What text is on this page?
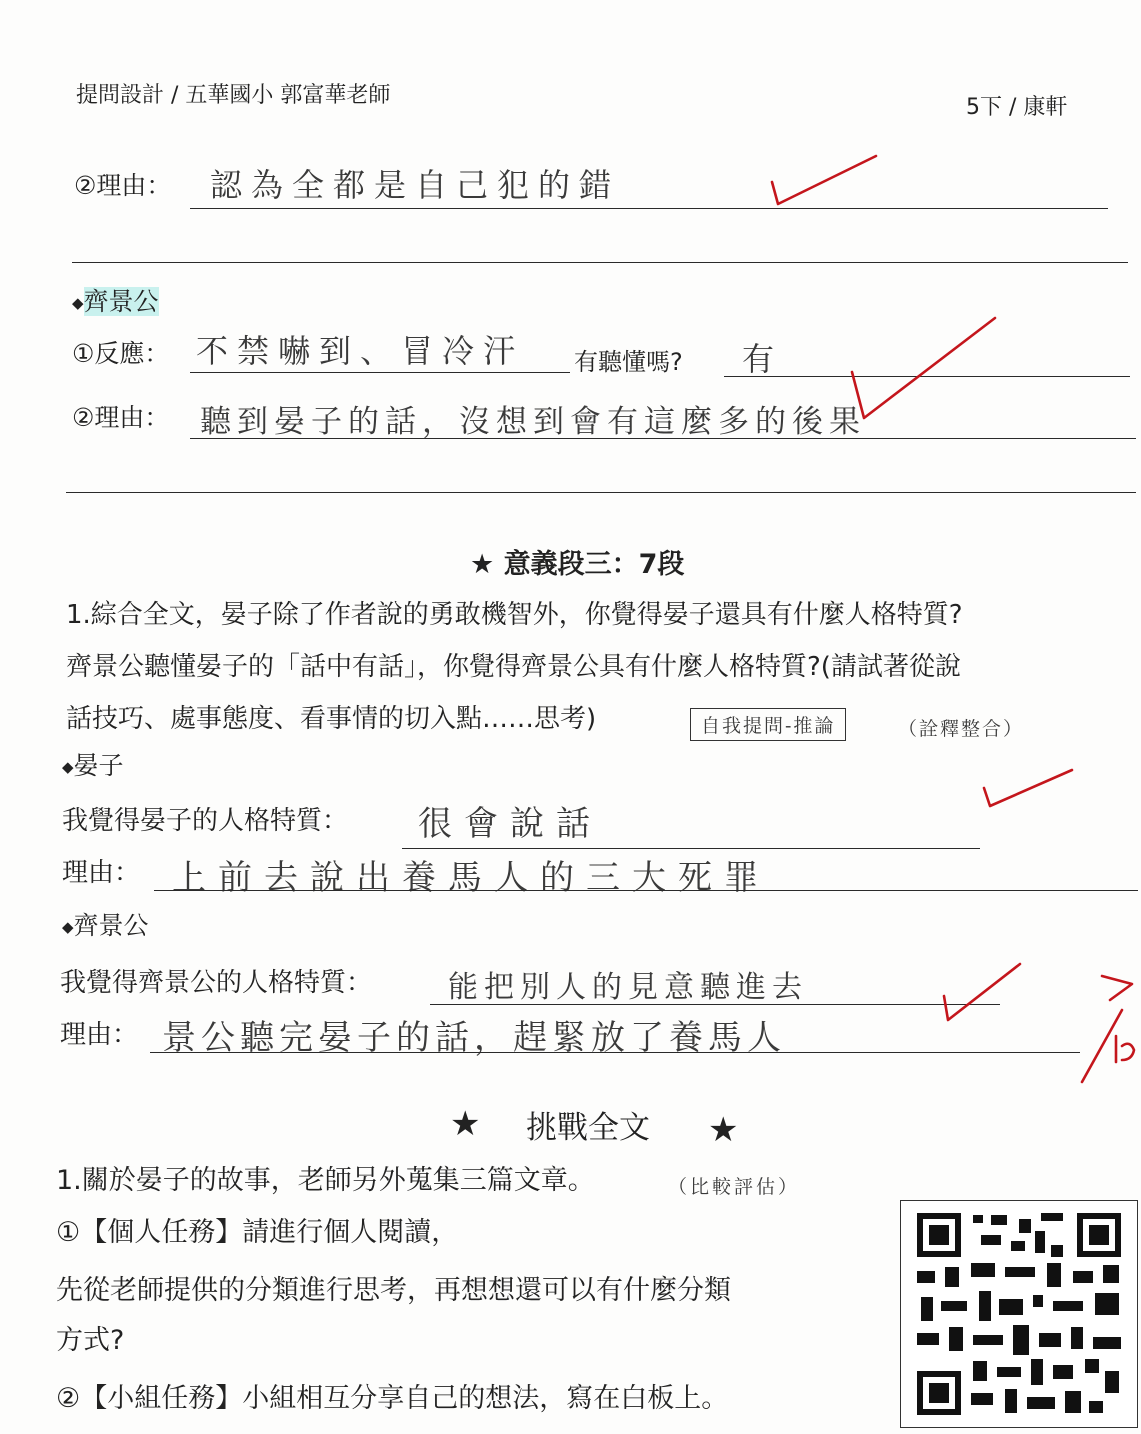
提問設計 / 五華國小 郭富華老師	5下 / 康軒
②理由： 認為全都是自己犯的錯
◆齊景公
①反應： 不禁嚇到、冒冷汗 有聽懂嗎? 有
②理由： 聽到晏子的話，沒想到會有這麼多的後果
★ 意義段三：7段
1.綜合全文，晏子除了作者說的勇敢機智外，你覺得晏子還具有什麼人格特質?
齊景公聽懂晏子的「話中有話」，你覺得齊景公具有什麼人格特質?(請試著從說
話技巧、處事態度、看事情的切入點……思考)	自我提問-推論	（詮釋整合）
◆晏子
我覺得晏子的人格特質： 很會說話
理由： 上前去說出養馬人的三大死罪
◆齊景公
我覺得齊景公的人格特質：	能把別人的見意聽進去
理由： 景公聽完晏子的話，趕緊放了養馬人
★ 挑戰全文 ★
1.關於晏子的故事，老師另外蒐集三篇文章。	（比較評估）
①【個人任務】請進行個人閱讀，
先從老師提供的分類進行思考，再想想還可以有什麼分類
方式?
②【小組任務】小組相互分享自己的想法，寫在白板上。
